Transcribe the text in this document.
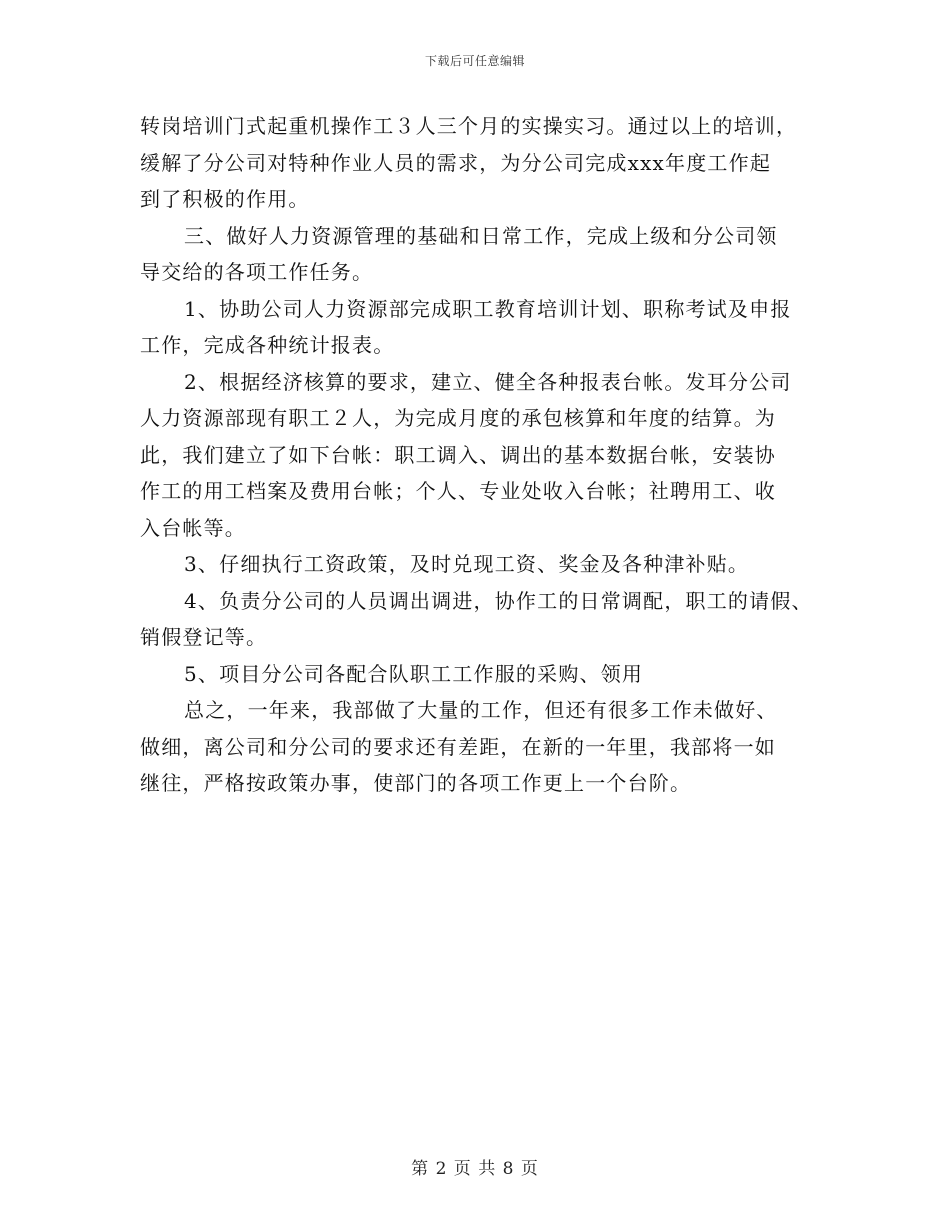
下载后可任意编辑
转岗培训门式起重机操作工３人三个月的实操实习。通过以上的培训，
缓解了分公司对特种作业人员的需求，为分公司完成xxx年度工作起
到了积极的作用。
三、做好人力资源管理的基础和日常工作，完成上级和分公司领
导交给的各项工作任务。
1、协助公司人力资源部完成职工教育培训计划、职称考试及申报
工作，完成各种统计报表。
2、根据经济核算的要求，建立、健全各种报表台帐。发耳分公司
人力资源部现有职工２人，为完成月度的承包核算和年度的结算。为
此，我们建立了如下台帐：职工调入、调出的基本数据台帐，安装协
作工的用工档案及费用台帐；个人、专业处收入台帐；社聘用工、收
入台帐等。
3、仔细执行工资政策，及时兑现工资、奖金及各种津补贴。
4、负责分公司的人员调出调进，协作工的日常调配，职工的请假、
销假登记等。
5、项目分公司各配合队职工工作服的采购、领用
总之，一年来，我部做了大量的工作，但还有很多工作未做好、
做细，离公司和分公司的要求还有差距，在新的一年里，我部将一如
继往，严格按政策办事，使部门的各项工作更上一个台阶。
第 2 页 共 8 页
